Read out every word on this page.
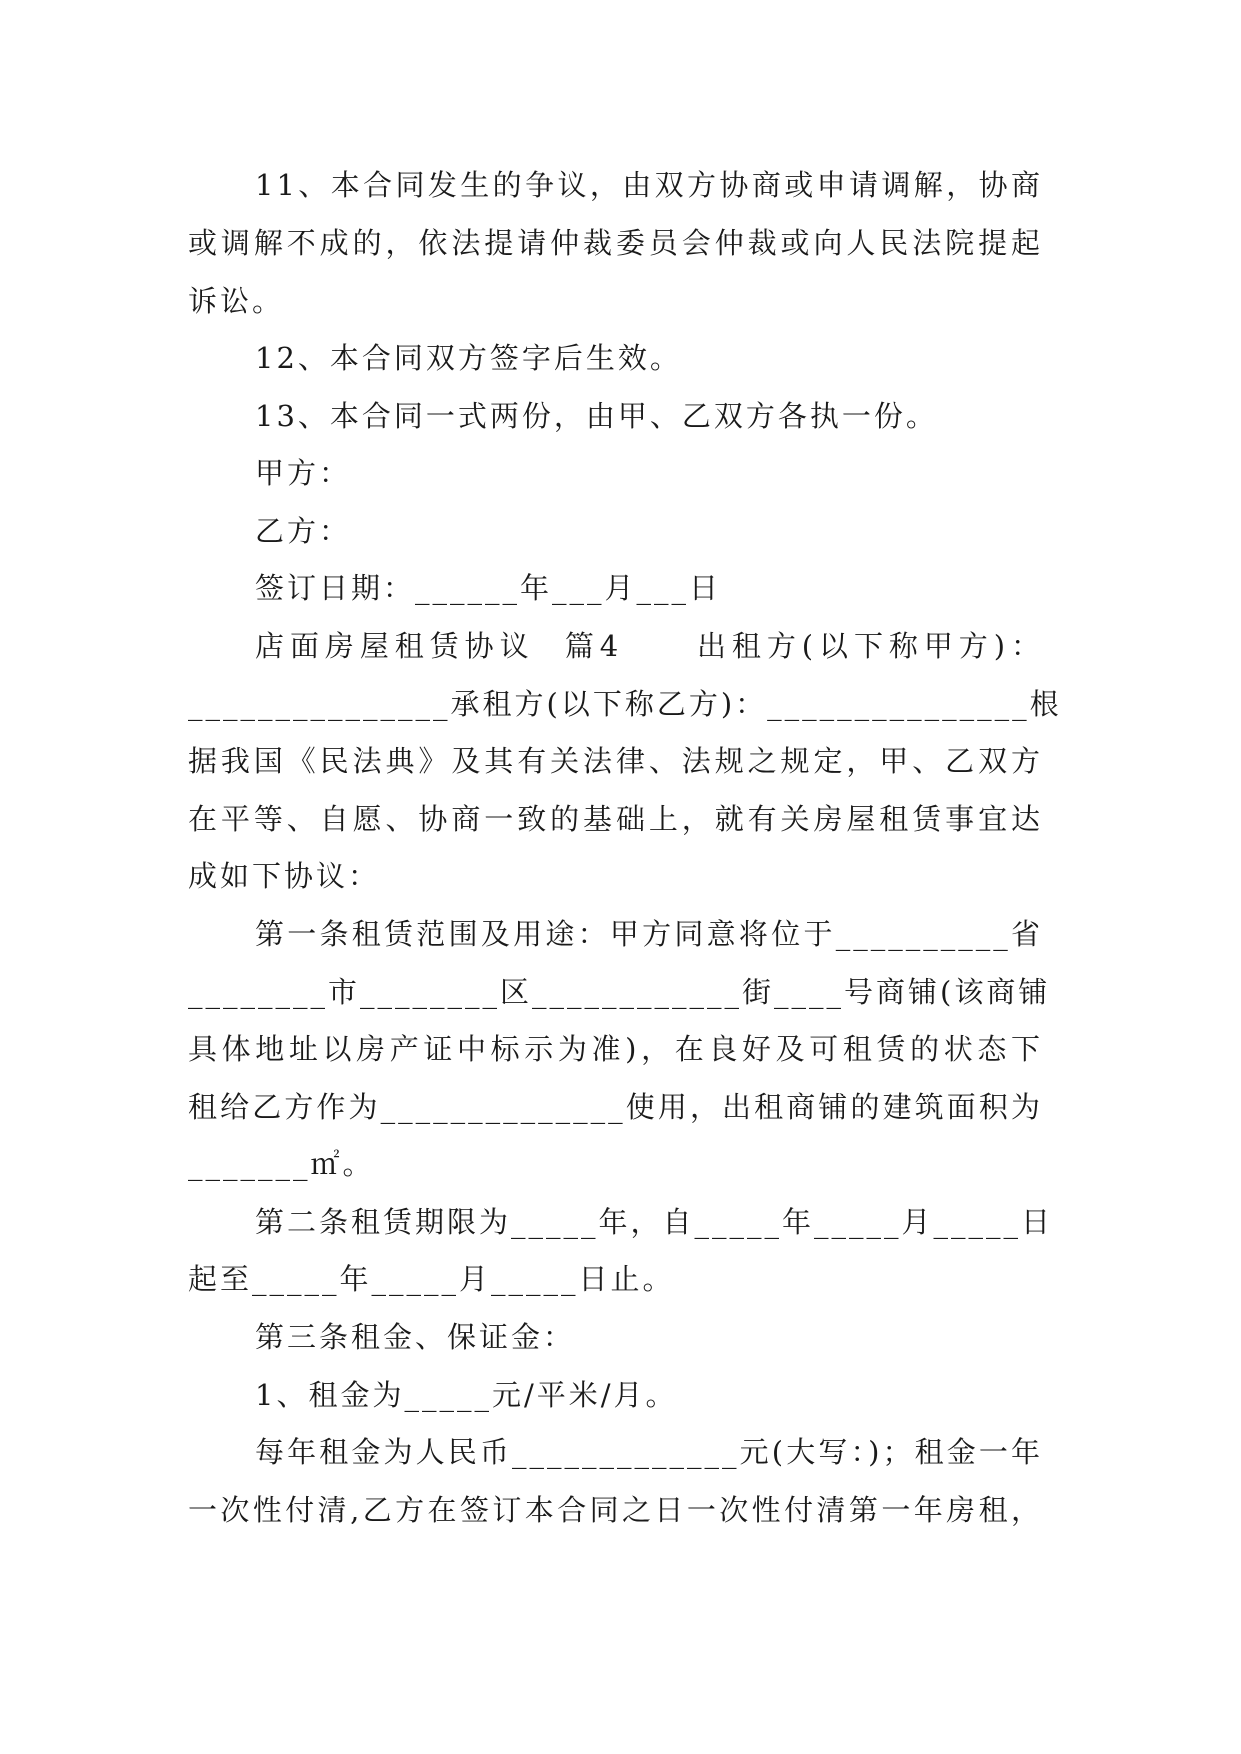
11、本合同发生的争议，由双方协商或申请调解，协商
或调解不成的，依法提请仲裁委员会仲裁或向人民法院提起
诉讼。
12、本合同双方签字后生效。
13、本合同一式两份，由甲、乙双方各执一份。
甲方：
乙方：
签订日期：______年___月___日
店面房屋租赁协议  篇4     出租方(以下称甲方)：
_______________承租方(以下称乙方)：_______________根
据我国《民法典》及其有关法律、法规之规定，甲、乙双方
在平等、自愿、协商一致的基础上，就有关房屋租赁事宜达
成如下协议：
第一条租赁范围及用途：甲方同意将位于__________省
________市________区____________街____号商铺(该商铺
具体地址以房产证中标示为准)，在良好及可租赁的状态下
租给乙方作为______________使用，出租商铺的建筑面积为
_______㎡。
第二条租赁期限为_____年，自_____年_____月_____日
起至_____年_____月_____日止。
第三条租金、保证金：
1、租金为_____元/平米/月。
每年租金为人民币_____________元(大写：)；租金一年
一次性付清,乙方在签订本合同之日一次性付清第一年房租，
